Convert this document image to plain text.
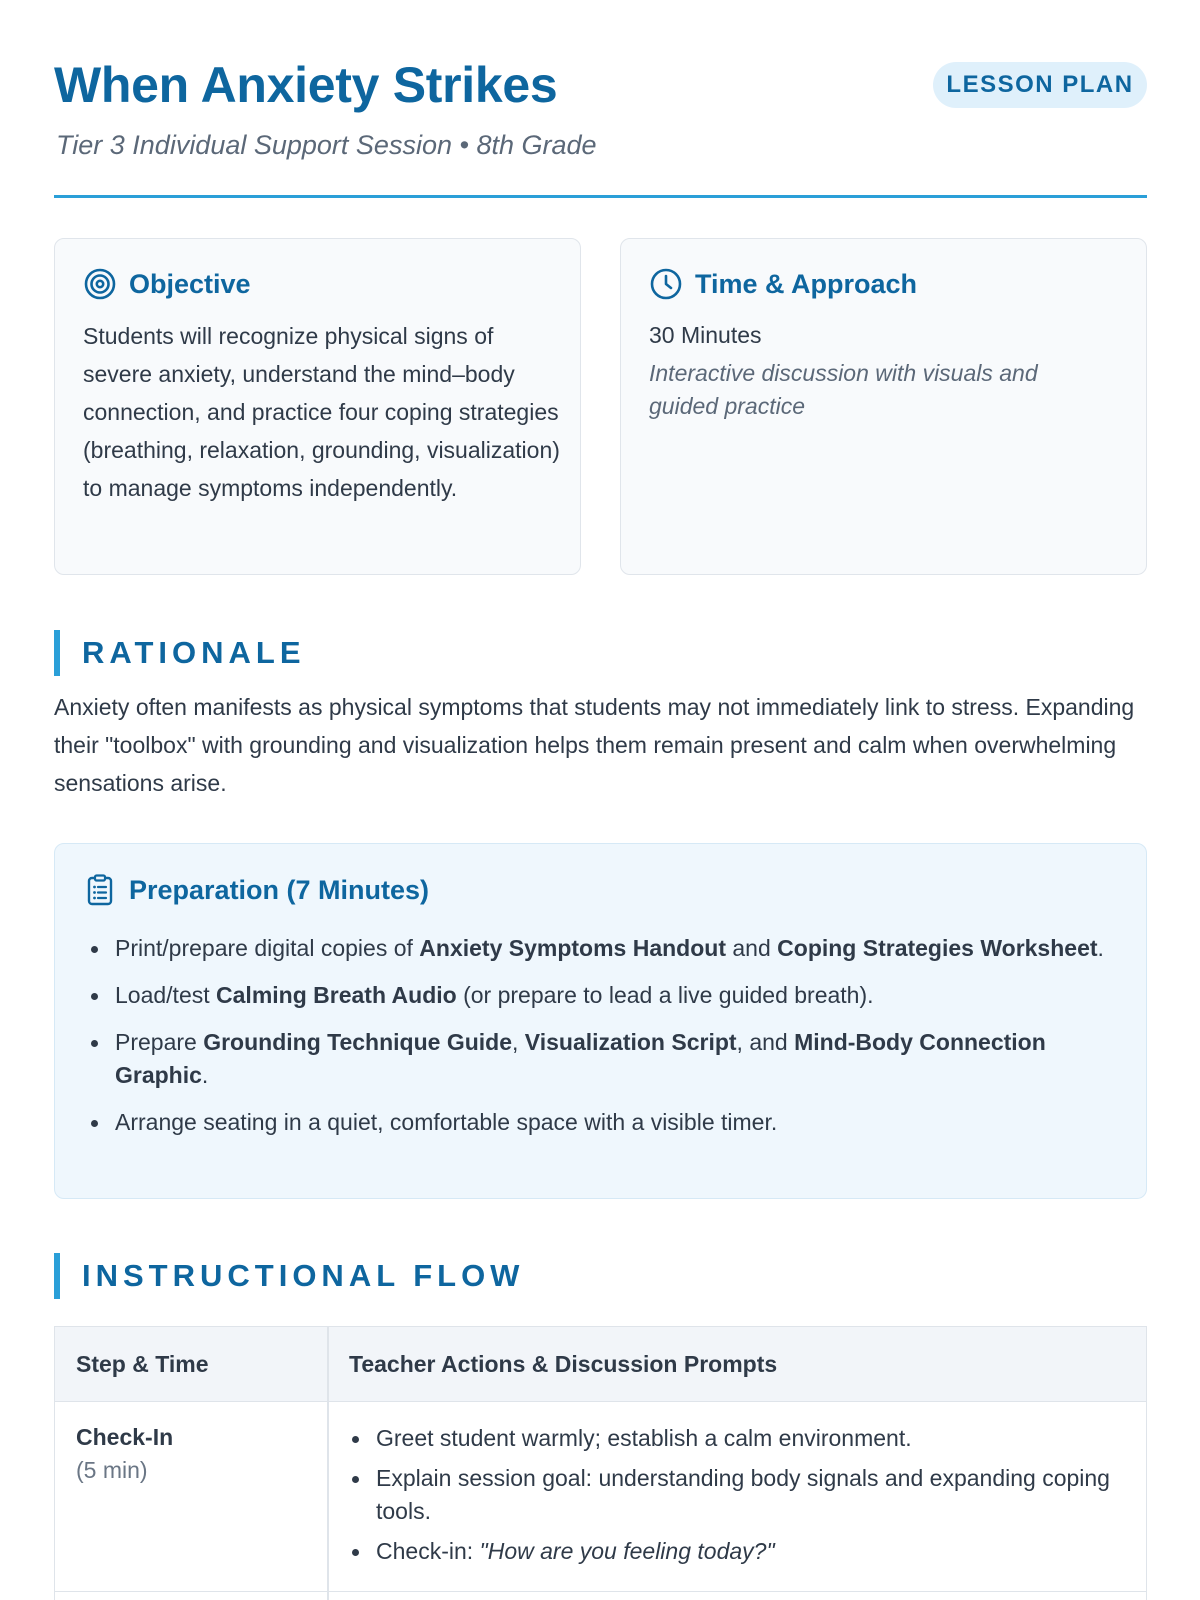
When Anxiety Strikes
Tier 3 Individual Support Session • 8th Grade
LESSON PLAN
Objective
Students will recognize physical signs of severe anxiety, understand the mind–body connection, and practice four coping strategies (breathing, relaxation, grounding, visualization) to manage symptoms independently.
Time & Approach
30 Minutes
Interactive discussion with visuals and guided practice
RATIONALE
Anxiety often manifests as physical symptoms that students may not immediately link to stress. Expanding their "toolbox" with grounding and visualization helps them remain present and calm when overwhelming sensations arise.
Preparation (7 Minutes)
Print/prepare digital copies of Anxiety Symptoms Handout and Coping Strategies Worksheet.
Load/test Calming Breath Audio (or prepare to lead a live guided breath).
Prepare Grounding Technique Guide, Visualization Script, and Mind-Body Connection Graphic.
Arrange seating in a quiet, comfortable space with a visible timer.
INSTRUCTIONAL FLOW
Step & Time	Teacher Actions & Discussion Prompts
Check-In
(5 min)
Greet student warmly; establish a calm environment.
Explain session goal: understanding body signals and expanding coping tools.
Check-in: "How are you feeling today?"
